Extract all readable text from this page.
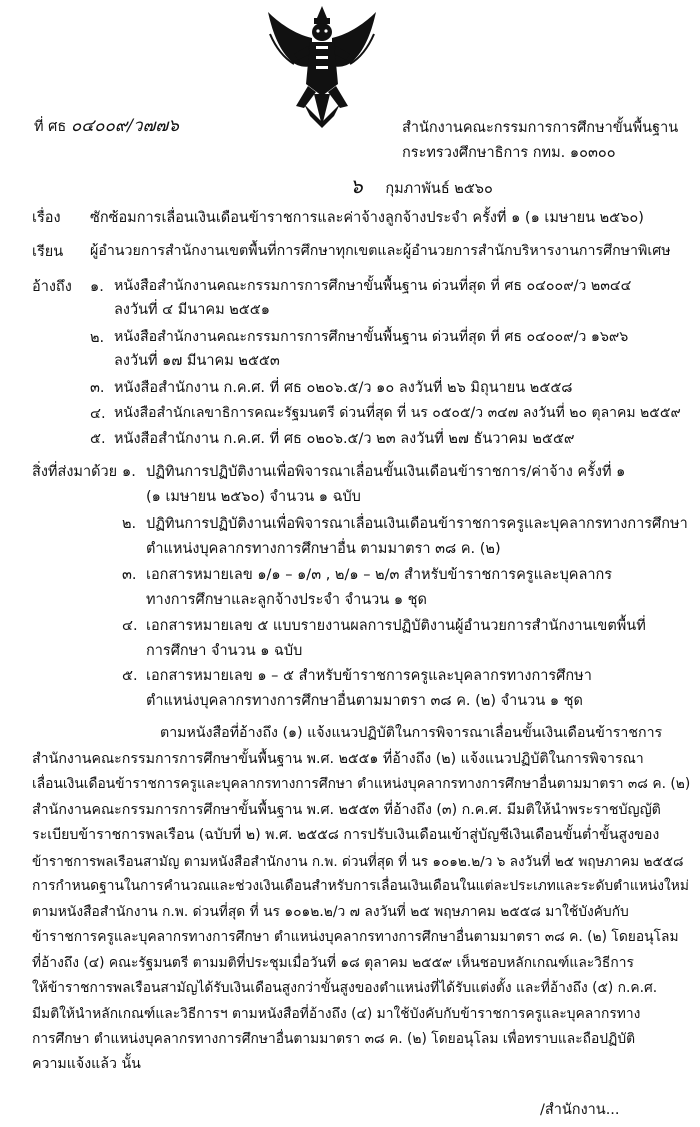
ที่ ศธ ๐๔๐๐๙/ว๗๗๖	สำนักงานคณะกรรมการการศึกษาขั้นพื้นฐาน
กระทรวงศึกษาธิการ กทม. ๑๐๓๐๐
๖ กุมภาพันธ์ ๒๕๖๐
เรื่อง ซักซ้อมการเลื่อนเงินเดือนข้าราชการและค่าจ้างลูกจ้างประจำ ครั้งที่ ๑ (๑ เมษายน ๒๕๖๐)
เรียน ผู้อำนวยการสำนักงานเขตพื้นที่การศึกษาทุกเขตและผู้อำนวยการสำนักบริหารงานการศึกษาพิเศษ
อ้างถึง ๑. หนังสือสำนักงานคณะกรรมการการศึกษาขั้นพื้นฐาน ด่วนที่สุด ที่ ศธ ๐๔๐๐๙/ว ๒๓๔๔
ลงวันที่ ๔ มีนาคม ๒๕๕๑
๒. หนังสือสำนักงานคณะกรรมการการศึกษาขั้นพื้นฐาน ด่วนที่สุด ที่ ศธ ๐๔๐๐๙/ว ๑๖๙๖
ลงวันที่ ๑๗ มีนาคม ๒๕๕๓
๓. หนังสือสำนักงาน ก.ค.ศ. ที่ ศธ ๐๒๐๖.๕/ว ๑๐ ลงวันที่ ๒๖ มิถุนายน ๒๕๕๘
๔. หนังสือสำนักเลขาธิการคณะรัฐมนตรี ด่วนที่สุด ที่ นร ๐๕๐๕/ว ๓๔๗ ลงวันที่ ๒๐ ตุลาคม ๒๕๕๙
๕. หนังสือสำนักงาน ก.ค.ศ. ที่ ศธ ๐๒๐๖.๕/ว ๒๓ ลงวันที่ ๒๗ ธันวาคม ๒๕๕๙
สิ่งที่ส่งมาด้วย ๑. ปฏิทินการปฏิบัติงานเพื่อพิจารณาเลื่อนขั้นเงินเดือนข้าราชการ/ค่าจ้าง ครั้งที่ ๑
(๑ เมษายน ๒๕๖๐) จำนวน ๑ ฉบับ
๒. ปฏิทินการปฏิบัติงานเพื่อพิจารณาเลื่อนเงินเดือนข้าราชการครูและบุคลากรทางการศึกษา
ตำแหน่งบุคลากรทางการศึกษาอื่น ตามมาตรา ๓๘ ค. (๒)
๓. เอกสารหมายเลข ๑/๑ – ๑/๓ , ๒/๑ – ๒/๓ สำหรับข้าราชการครูและบุคลากร
ทางการศึกษาและลูกจ้างประจำ จำนวน ๑ ชุด
๔. เอกสารหมายเลข ๕ แบบรายงานผลการปฏิบัติงานผู้อำนวยการสำนักงานเขตพื้นที่
การศึกษา จำนวน ๑ ฉบับ
๕. เอกสารหมายเลข ๑ – ๕ สำหรับข้าราชการครูและบุคลากรทางการศึกษา
ตำแหน่งบุคลากรทางการศึกษาอื่นตามมาตรา ๓๘ ค. (๒) จำนวน ๑ ชุด
ตามหนังสือที่อ้างถึง (๑) แจ้งแนวปฏิบัติในการพิจารณาเลื่อนขั้นเงินเดือนข้าราชการ
สำนักงานคณะกรรมการการศึกษาขั้นพื้นฐาน พ.ศ. ๒๕๕๑ ที่อ้างถึง (๒) แจ้งแนวปฏิบัติในการพิจารณา
เลื่อนเงินเดือนข้าราชการครูและบุคลากรทางการศึกษา ตำแหน่งบุคลากรทางการศึกษาอื่นตามมาตรา ๓๘ ค. (๒)
สำนักงานคณะกรรมการการศึกษาขั้นพื้นฐาน พ.ศ. ๒๕๕๓ ที่อ้างถึง (๓) ก.ค.ศ. มีมติให้นำพระราชบัญญัติ
ระเบียบข้าราชการพลเรือน (ฉบับที่ ๒) พ.ศ. ๒๕๕๘ การปรับเงินเดือนเข้าสู่บัญชีเงินเดือนขั้นต่ำขั้นสูงของ
ข้าราชการพลเรือนสามัญ ตามหนังสือสำนักงาน ก.พ. ด่วนที่สุด ที่ นร ๑๐๑๒.๒/ว ๖ ลงวันที่ ๒๕ พฤษภาคม ๒๕๕๘
การกำหนดฐานในการคำนวณและช่วงเงินเดือนสำหรับการเลื่อนเงินเดือนในแต่ละประเภทและระดับตำแหน่งใหม่
ตามหนังสือสำนักงาน ก.พ. ด่วนที่สุด ที่ นร ๑๐๑๒.๒/ว ๗ ลงวันที่ ๒๕ พฤษภาคม ๒๕๕๘ มาใช้บังคับกับ
ข้าราชการครูและบุคลากรทางการศึกษา ตำแหน่งบุคลากรทางการศึกษาอื่นตามมาตรา ๓๘ ค. (๒) โดยอนุโลม
ที่อ้างถึง (๔) คณะรัฐมนตรี ตามมติที่ประชุมเมื่อวันที่ ๑๘ ตุลาคม ๒๕๕๙ เห็นชอบหลักเกณฑ์และวิธีการ
ให้ข้าราชการพลเรือนสามัญได้รับเงินเดือนสูงกว่าขั้นสูงของตำแหน่งที่ได้รับแต่งตั้ง และที่อ้างถึง (๕) ก.ค.ศ.
มีมติให้นำหลักเกณฑ์และวิธีการฯ ตามหนังสือที่อ้างถึง (๔) มาใช้บังคับกับข้าราชการครูและบุคลากรทาง
การศึกษา ตำแหน่งบุคลากรทางการศึกษาอื่นตามมาตรา ๓๘ ค. (๒) โดยอนุโลม เพื่อทราบและถือปฏิบัติ
ความแจ้งแล้ว นั้น
/สำนักงาน...
